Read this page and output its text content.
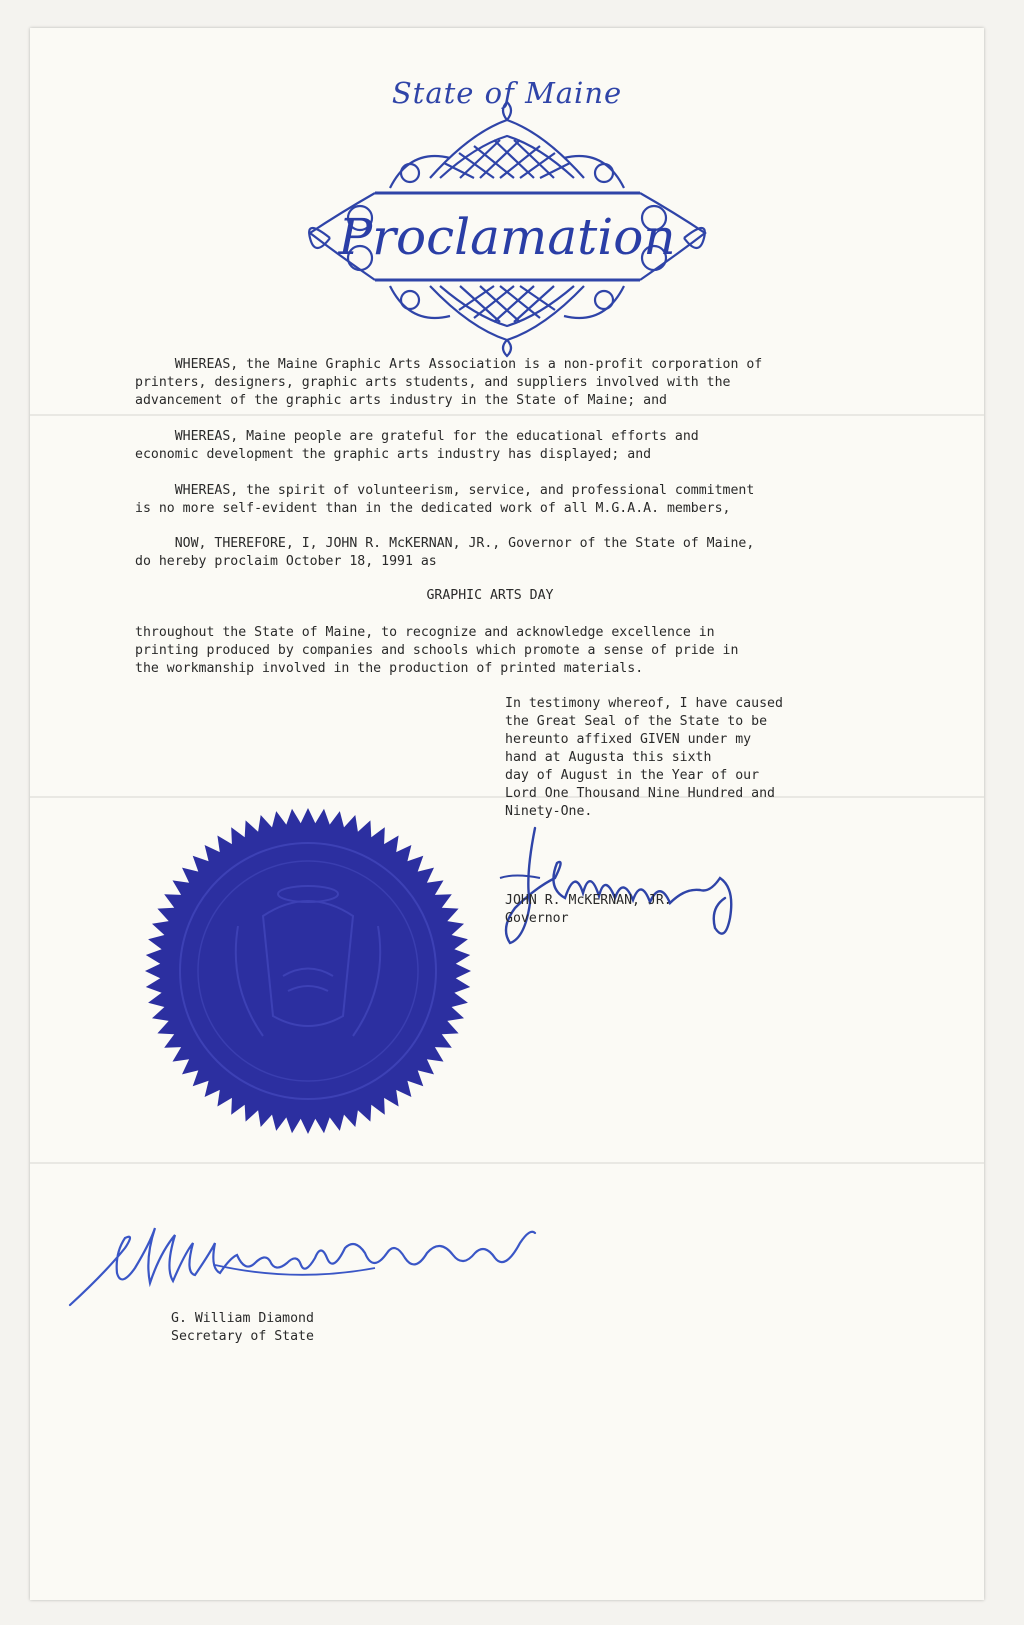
State of Maine
Proclamation
WHEREAS, the Maine Graphic Arts Association is a non-profit corporation of
printers, designers, graphic arts students, and suppliers involved with the
advancement of the graphic arts industry in the State of Maine; and
WHEREAS, Maine people are grateful for the educational efforts and
economic development the graphic arts industry has displayed; and
WHEREAS, the spirit of volunteerism, service, and professional commitment
is no more self-evident than in the dedicated work of all M.G.A.A. members,
NOW, THEREFORE, I, JOHN R. McKERNAN, JR., Governor of the State of Maine,
do hereby proclaim October 18, 1991 as
GRAPHIC ARTS DAY
throughout the State of Maine, to recognize and acknowledge excellence in
printing produced by companies and schools which promote a sense of pride in
the workmanship involved in the production of printed materials.
In testimony whereof, I have caused
the Great Seal of the State to be
hereunto affixed GIVEN under my
hand at Augusta this sixth
day of August in the Year of our
Lord One Thousand Nine Hundred and
Ninety-One.
JOHN R. McKERNAN, JR.
Governor
G. William Diamond
Secretary of State
